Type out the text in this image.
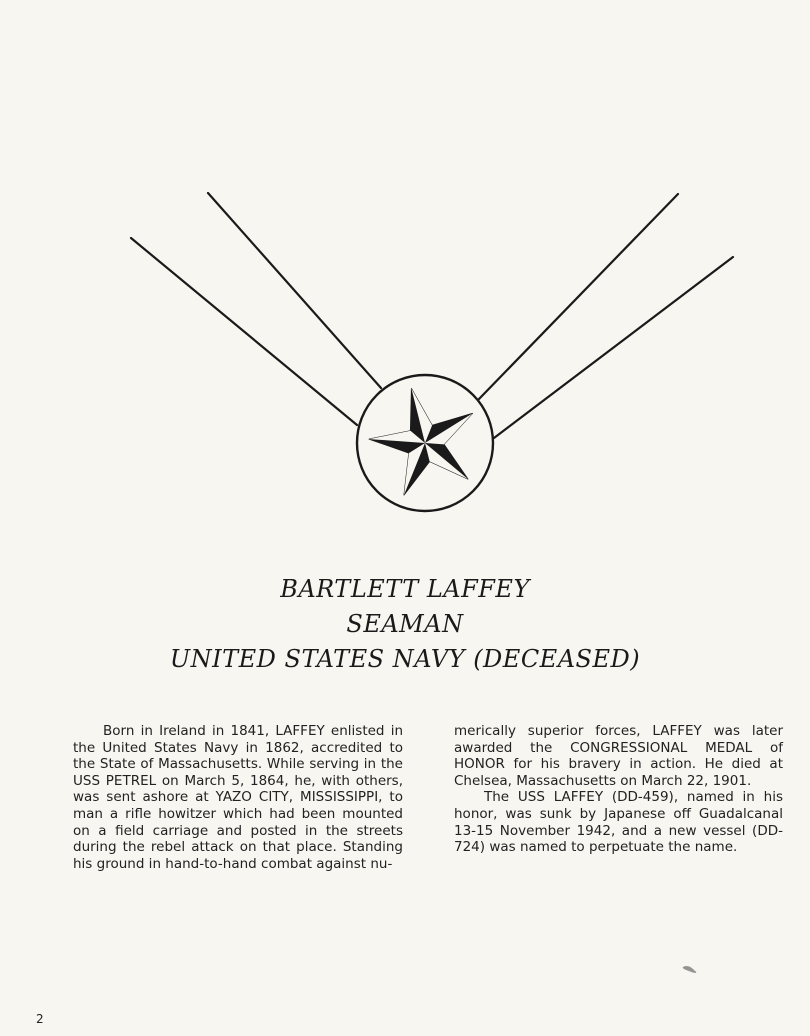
BARTLETT LAFFEY
SEAMAN
UNITED STATES NAVY (DECEASED)

Born in Ireland in 1841, LAFFEY enlisted in the United States Navy in 1862, accredited to the State of Massachusetts. While serving in the USS PETREL on March 5, 1864, he, with others, was sent ashore at YAZO CITY, MISSISSIPPI, to man a rifle howitzer which had been mounted on a field carriage and posted in the streets during the rebel attack on that place. Standing his ground in hand-to-hand combat against nu-

merically superior forces, LAFFEY was later awarded the CONGRESSIONAL MEDAL of HONOR for his bravery in action. He died at Chelsea, Massachusetts on March 22, 1901.

The USS LAFFEY (DD-459), named in his honor, was sunk by Japanese off Guadalcanal 13-15 November 1942, and a new vessel (DD-724) was named to perpetuate the name.

2
